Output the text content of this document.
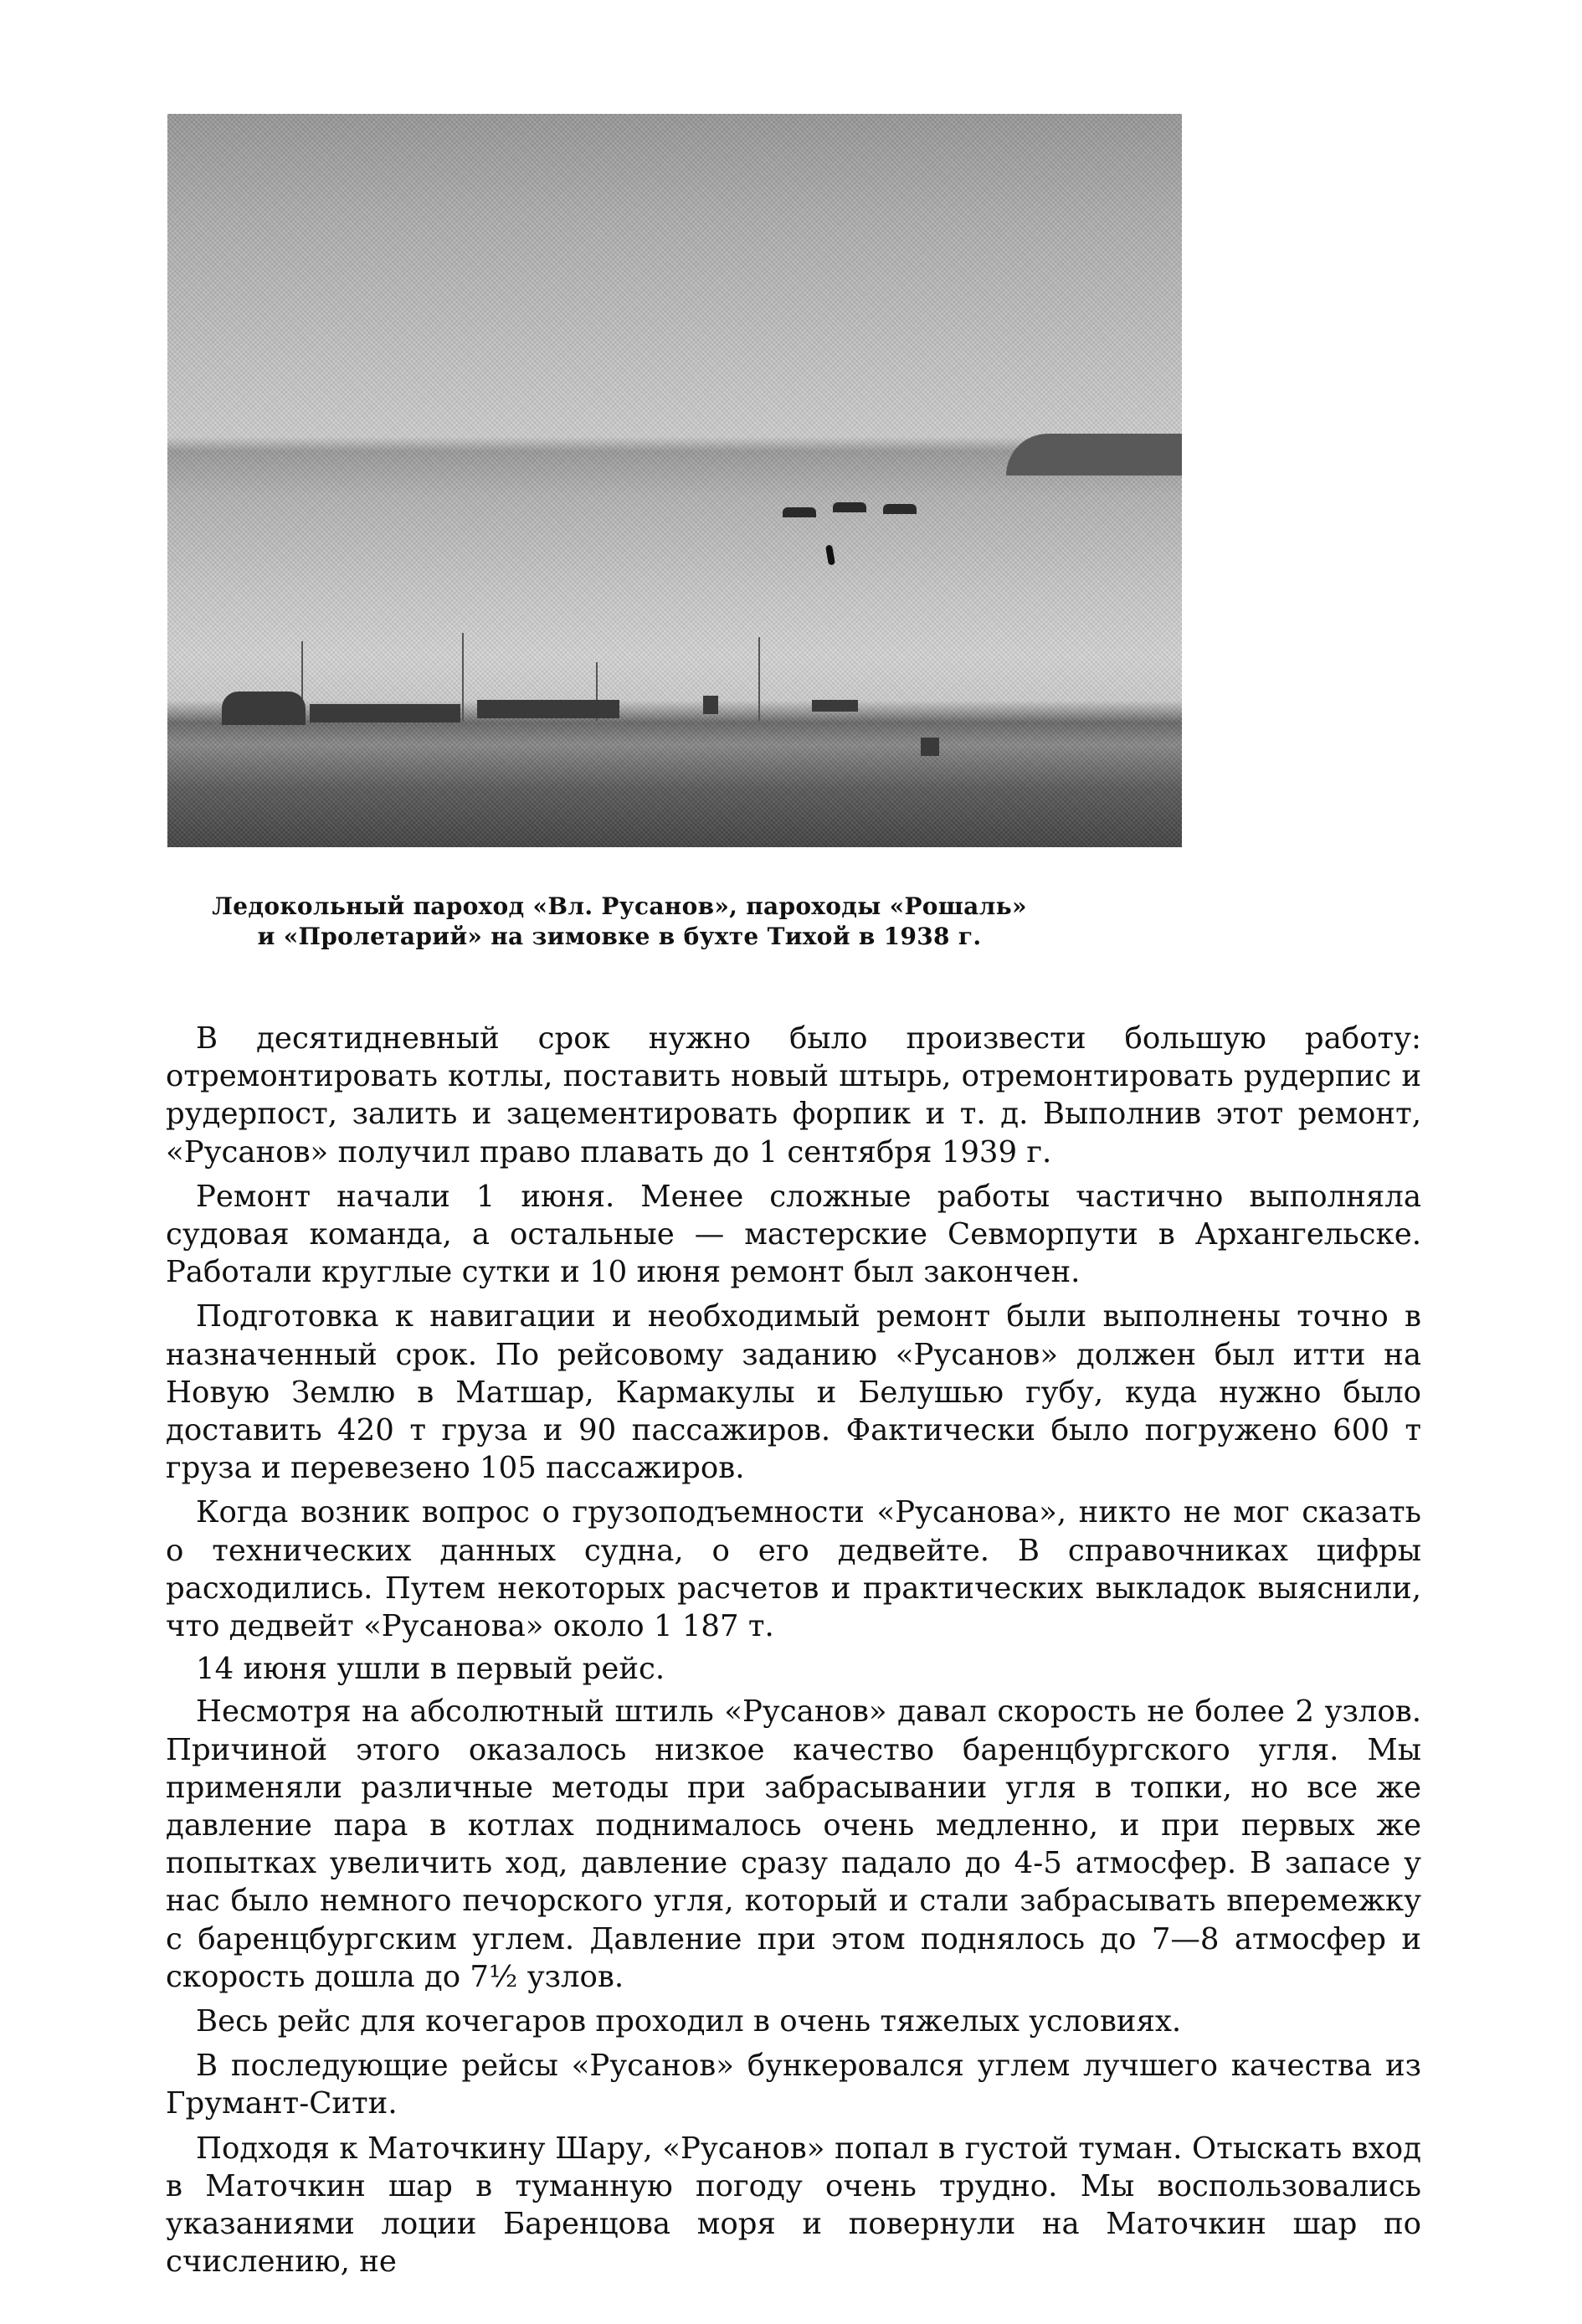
Ледокольный пароход «Вл. Русанов», пароходы «Рошаль»
и «Пролетарий» на зимовке в бухте Тихой в 1938 г.

В десятидневный срок нужно было произвести большую работу: отремонтировать котлы, поставить новый штырь, отремонтировать рудерпис и рудерпост, залить и зацементировать форпик и т. д. Выполнив этот ремонт, «Русанов» получил право плавать до 1 сентября 1939 г.

Ремонт начали 1 июня. Менее сложные работы частично выполняла судовая команда, а остальные — мастерские Севморпути в Архангельске. Работали круглые сутки и 10 июня ремонт был закончен.

Подготовка к навигации и необходимый ремонт были выполнены точно в назначенный срок. По рейсовому заданию «Русанов» должен был итти на Новую Землю в Матшар, Кармакулы и Белушью губу, куда нужно было доставить 420 т груза и 90 пассажиров. Фактически было погружено 600 т груза и перевезено 105 пассажиров.

Когда возник вопрос о грузоподъемности «Русанова», никто не мог сказать о технических данных судна, о его дедвейте. В справочниках цифры расходились. Путем некоторых расчетов и практических выкладок выяснили, что дедвейт «Русанова» около 1 187 т.

14 июня ушли в первый рейс.

Несмотря на абсолютный штиль «Русанов» давал скорость не более 2 узлов. Причиной этого оказалось низкое качество баренцбургского угля. Мы применяли различные методы при забрасывании угля в топки, но все же давление пара в котлах поднималось очень медленно, и при первых же попытках увеличить ход, давление сразу падало до 4-5 атмосфер. В запасе у нас было немного печорского угля, который и стали забрасывать вперемежку с баренцбургским углем. Давление при этом поднялось до 7—8 атмосфер и скорость дошла до 7½ узлов.

Весь рейс для кочегаров проходил в очень тяжелых условиях.

В последующие рейсы «Русанов» бункеровался углем лучшего качества из Грумант-Сити.

Подходя к Маточкину Шару, «Русанов» попал в густой туман. Отыскать вход в Маточкин шар в туманную погоду очень трудно. Мы воспользовались указаниями лоции Баренцова моря и повернули на Маточкин шар по счислению, не
